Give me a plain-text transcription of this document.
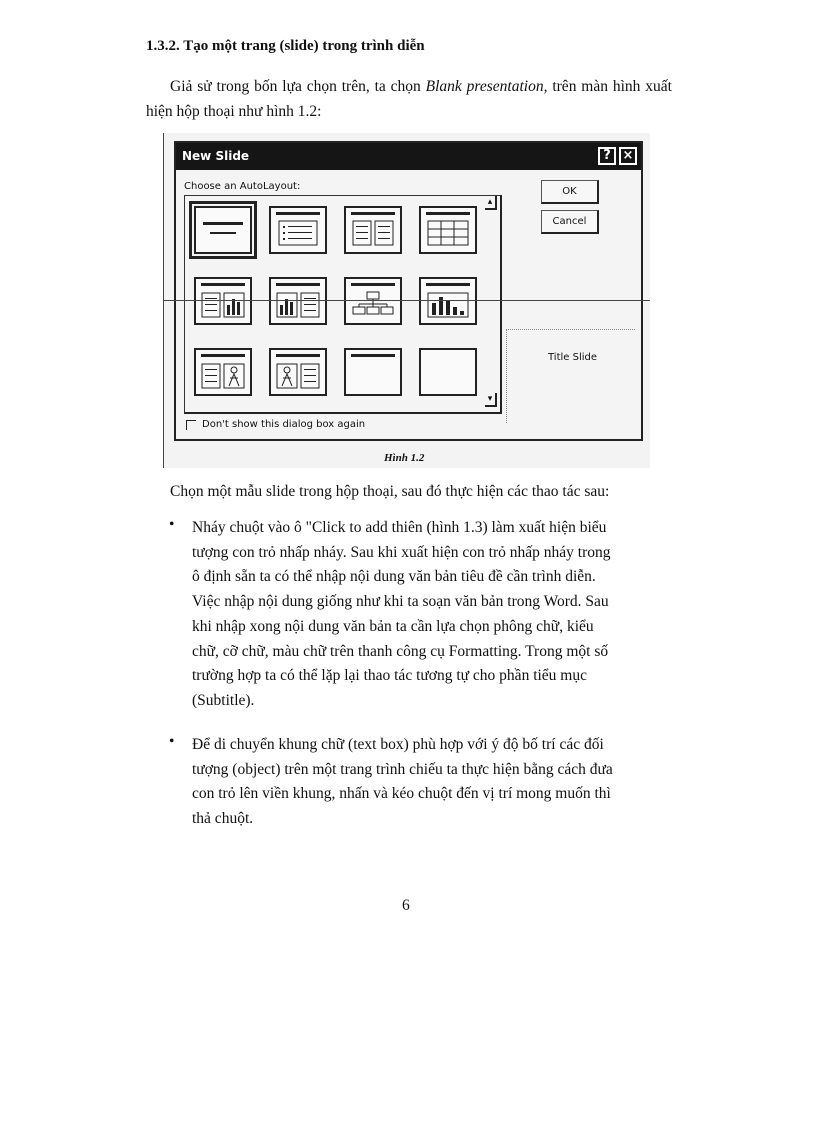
1.3.2. Tạo một trang (slide) trong trình diễn
Giả sử trong bốn lựa chọn trên, ta chọn Blank presentation, trên màn hình xuất hiện hộp thoại như hình 1.2:
New Slide	? ×
Choose an AutoLayout:
▴
▾
OK
Cancel
Title Slide
Don't show this dialog box again
Hình 1.2
Chọn một mẫu slide trong hộp thoại, sau đó thực hiện các thao tác sau:
• Nháy chuột vào ô "Click to add thiên (hình 1.3) làm xuất hiện biểu
tượng con trỏ nhấp nháy. Sau khi xuất hiện con trỏ nhấp nháy trong
ô định sẵn ta có thể nhập nội dung văn bản tiêu đề cần trình diễn.
Việc nhập nội dung giống như khi ta soạn văn bản trong Word. Sau
khi nhập xong nội dung văn bản ta cần lựa chọn phông chữ, kiểu
chữ, cỡ chữ, màu chữ trên thanh công cụ Formatting. Trong một số
trường hợp ta có thể lặp lại thao tác tương tự cho phần tiểu mục
(Subtitle).
• Để di chuyển khung chữ (text box) phù hợp với ý độ bố trí các đối
tượng (object) trên một trang trình chiếu ta thực hiện bằng cách đưa
con trỏ lên viền khung, nhấn và kéo chuột đến vị trí mong muốn thì
thả chuột.
6
